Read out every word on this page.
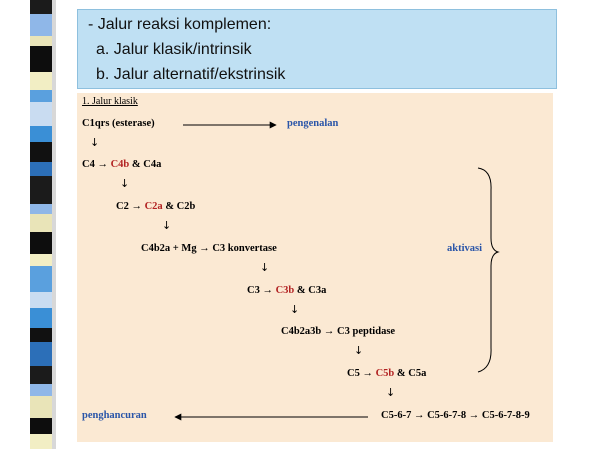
- Jalur reaksi komplemen:
a. Jalur klasik/intrinsik
b. Jalur alternatif/ekstrinsik
1. Jalur klasik
C1qrs (esterase)	pengenalan
↓
C4 → C4b & C4a
↓
C2 → C2a & C2b
↓
C4b2a + Mg → C3 konvertase	aktivasi
↓
C3 → C3b & C3a
↓
C4b2a3b → C3 peptidase
↓
C5 → C5b & C5a
↓
penghancuran	C5-6-7 → C5-6-7-8 → C5-6-7-8-9
